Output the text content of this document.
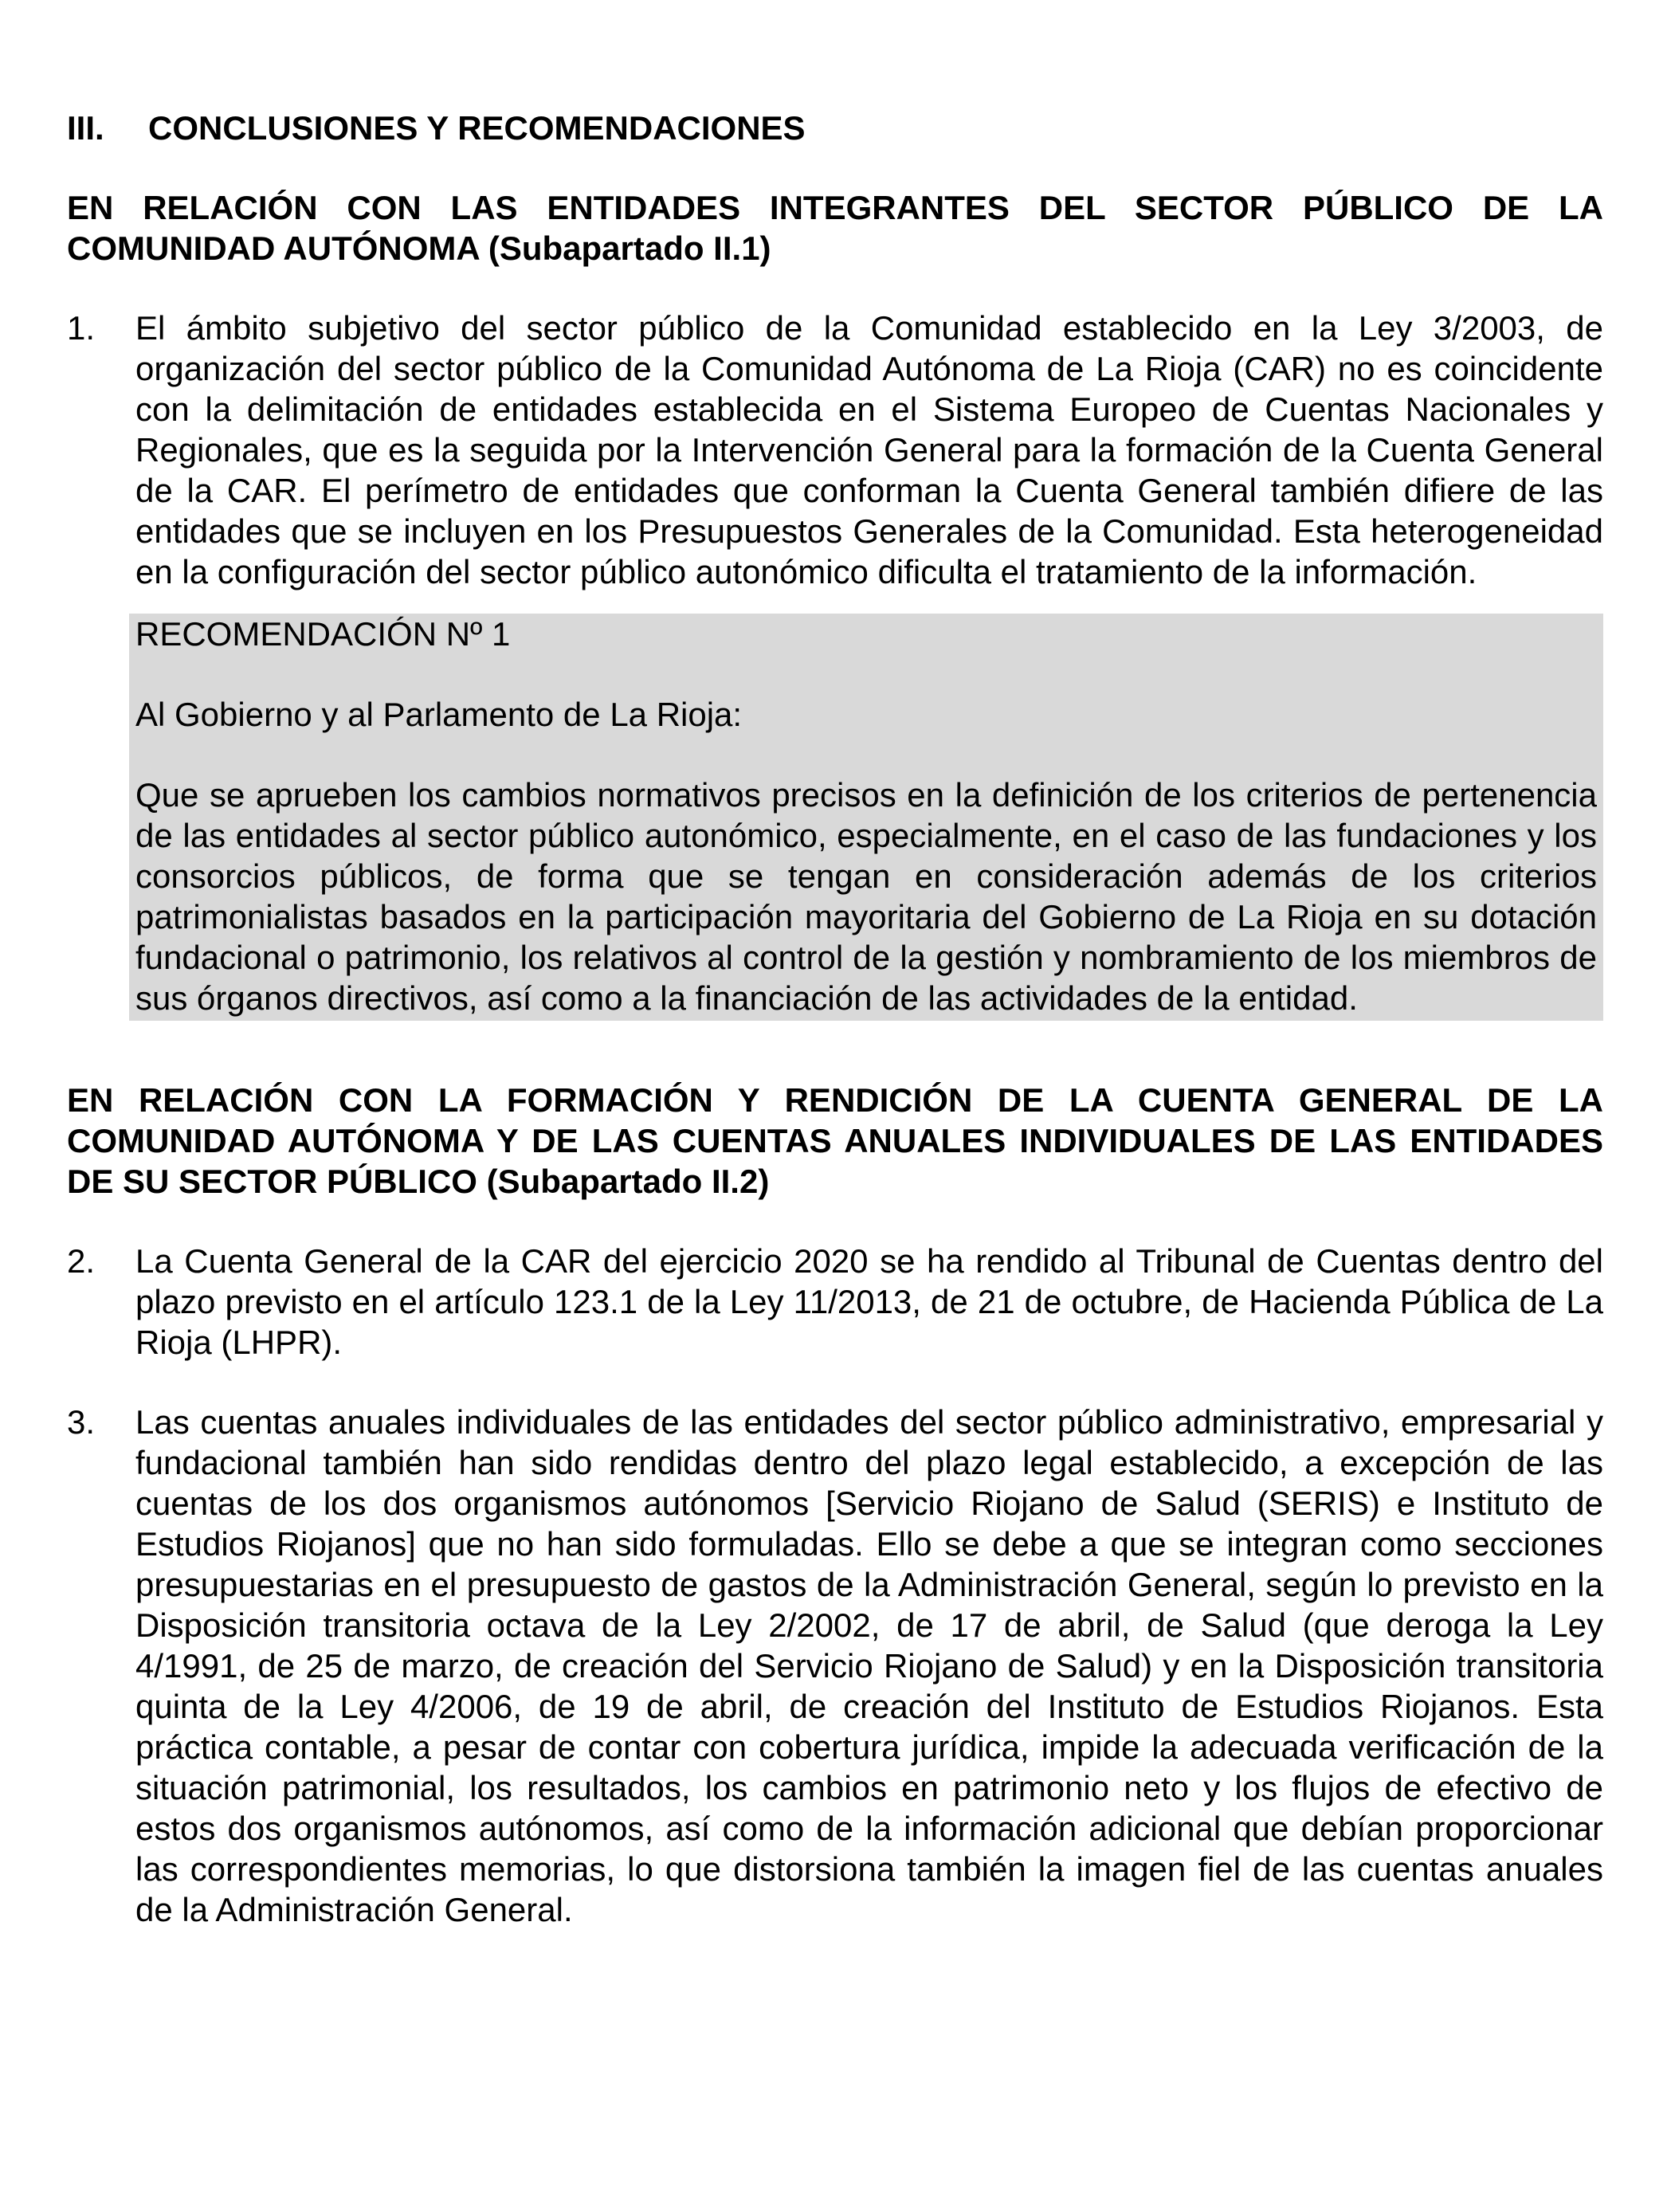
III.	CONCLUSIONES Y RECOMENDACIONES

EN RELACIÓN CON LAS ENTIDADES INTEGRANTES DEL SECTOR PÚBLICO DE LA COMUNIDAD AUTÓNOMA (Subapartado II.1)

1.	El ámbito subjetivo del sector público de la Comunidad establecido en la Ley 3/2003, de organización del sector público de la Comunidad Autónoma de La Rioja (CAR) no es coincidente con la delimitación de entidades establecida en el Sistema Europeo de Cuentas Nacionales y Regionales, que es la seguida por la Intervención General para la formación de la Cuenta General de la CAR. El perímetro de entidades que conforman la Cuenta General también difiere de las entidades que se incluyen en los Presupuestos Generales de la Comunidad. Esta heterogeneidad en la configuración del sector público autonómico dificulta el tratamiento de la información.

RECOMENDACIÓN Nº 1

Al Gobierno y al Parlamento de La Rioja:

Que se aprueben los cambios normativos precisos en la definición de los criterios de pertenencia de las entidades al sector público autonómico, especialmente, en el caso de las fundaciones y los consorcios públicos, de forma que se tengan en consideración además de los criterios patrimonialistas basados en la participación mayoritaria del Gobierno de La Rioja en su dotación fundacional o patrimonio, los relativos al control de la gestión y nombramiento de los miembros de sus órganos directivos, así como a la financiación de las actividades de la entidad.

EN RELACIÓN CON LA FORMACIÓN Y RENDICIÓN DE LA CUENTA GENERAL DE LA COMUNIDAD AUTÓNOMA Y DE LAS CUENTAS ANUALES INDIVIDUALES DE LAS ENTIDADES DE SU SECTOR PÚBLICO (Subapartado II.2)

2.	La Cuenta General de la CAR del ejercicio 2020 se ha rendido al Tribunal de Cuentas dentro del plazo previsto en el artículo 123.1 de la Ley 11/2013, de 21 de octubre, de Hacienda Pública de La Rioja (LHPR).

3.	Las cuentas anuales individuales de las entidades del sector público administrativo, empresarial y fundacional también han sido rendidas dentro del plazo legal establecido, a excepción de las cuentas de los dos organismos autónomos [Servicio Riojano de Salud (SERIS) e Instituto de Estudios Riojanos] que no han sido formuladas. Ello se debe a que se integran como secciones presupuestarias en el presupuesto de gastos de la Administración General, según lo previsto en la Disposición transitoria octava de la Ley 2/2002, de 17 de abril, de Salud (que deroga la Ley 4/1991, de 25 de marzo, de creación del Servicio Riojano de Salud) y en la Disposición transitoria quinta de la Ley 4/2006, de 19 de abril, de creación del Instituto de Estudios Riojanos. Esta práctica contable, a pesar de contar con cobertura jurídica, impide la adecuada verificación de la situación patrimonial, los resultados, los cambios en patrimonio neto y los flujos de efectivo de estos dos organismos autónomos, así como de la información adicional que debían proporcionar las correspondientes memorias, lo que distorsiona también la imagen fiel de las cuentas anuales de la Administración General.
